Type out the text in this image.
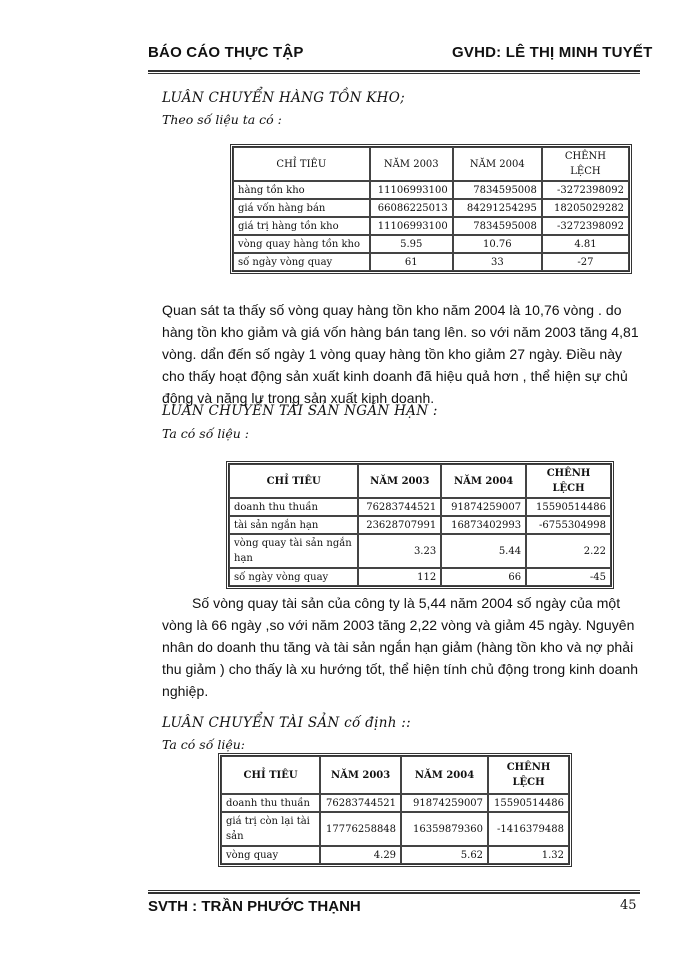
BÁO CÁO THỰC TẬP	GVHD: LÊ THỊ MINH TUYẾT
LUÂN CHUYỂN HÀNG TỒN KHO;
Theo số liệu ta có :
CHỈ TIÊU	NĂM 2003	NĂM 2004	CHÊNH
LỆCH

hàng tồn kho	11106993100	7834595008	-3272398092
giá vốn hàng bán	66086225013	84291254295	18205029282
giá trị hàng tồn kho	11106993100	7834595008	-3272398092
vòng quay hàng tồn kho	5.95	10.76	4.81
số ngày vòng quay	61	33	-27
Quan sát ta thấy số vòng quay hàng tồn kho năm 2004 là 10,76 vòng . do
hàng tồn kho giảm và giá vốn hàng bán tang lên. so với năm 2003 tăng 4,81
vòng. dẩn đến số ngày 1 vòng quay hàng tồn kho giảm 27 ngày. Điều này
cho thấy hoạt động sản xuất kinh doanh đã hiệu quả hơn , thể hiện sự chủ
động và năng lự trong sản xuất kinh doanh.
LUÂN CHUYỂN TÀI SẢN NGẮN HẠN :
Ta có số liệu :
CHỈ TIÊU	NĂM 2003	NĂM 2004	CHÊNH
LỆCH

doanh thu thuần	76283744521	91874259007	15590514486
tài sản ngắn hạn	23628707991	16873402993	-6755304998

vòng quay tài sản ngắn hạn	3.23	5.44	2.22
số ngày vòng quay	112	66	-45
Số vòng quay tài sản của công ty là 5,44 năm 2004 số ngày của một
vòng là 66 ngày ,so với năm 2003 tăng 2,22 vòng và giảm 45 ngày. Nguyên
nhân do doanh thu tăng và tài sản ngắn hạn giảm (hàng tồn kho và nợ phải
thu giảm ) cho thấy là xu hướng tốt, thể hiện tính chủ động trong kinh doanh
nghiệp.
LUÂN CHUYỂN TÀI SẢN cố định ::
Ta có số liệu:
CHỈ TIÊU	NĂM 2003	NĂM 2004	CHÊNH
LỆCH

doanh thu thuần	76283744521	91874259007	15590514486

giá trị còn lại tài sản	17776258848	16359879360	-1416379488
vòng quay	4.29	5.62	1.32
SVTH : TRẦN PHƯỚC THẠNH	45
